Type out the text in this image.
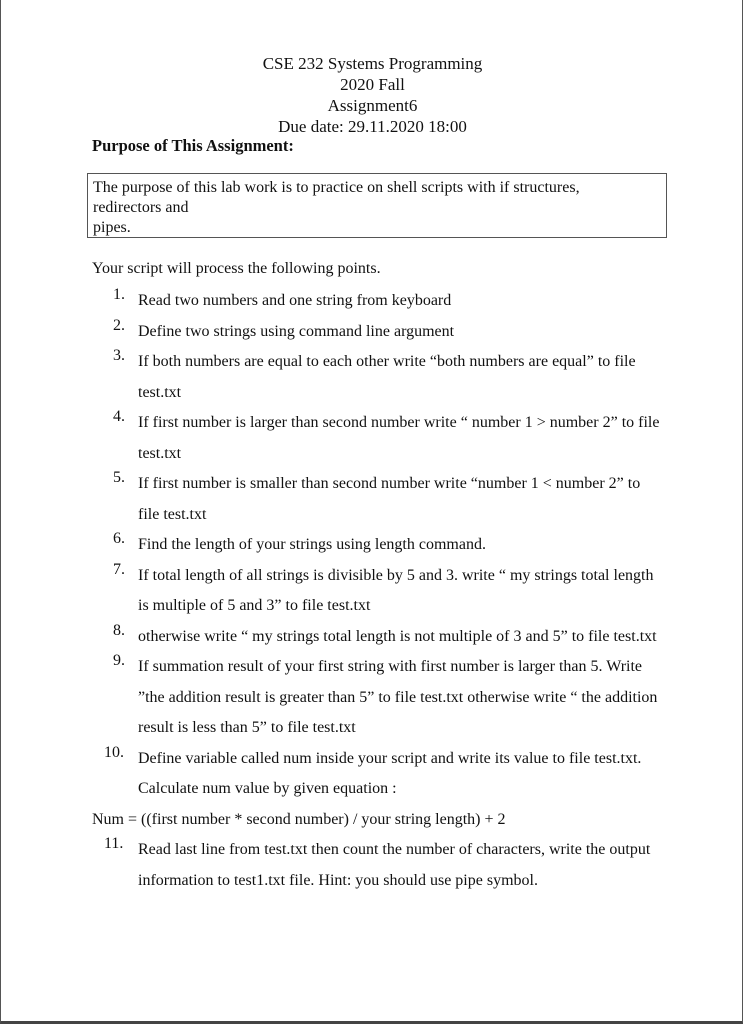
CSE 232 Systems Programming
2020 Fall
Assignment6
Due date: 29.11.2020 18:00
Purpose of This Assignment:
The purpose of this lab work is to practice on shell scripts with if structures,
redirectors and
pipes.
Your script will process the following points.
1. Read two numbers and one string from keyboard
2. Define two strings using command line argument
3. If both numbers are equal to each other write “both numbers are equal” to file test.txt
4. If first number is larger than second number write “ number 1 > number 2” to file test.txt
5. If first number is smaller than second number write “number 1 < number 2” to file test.txt
6. Find the length of your strings using length command.
7. If total length of all strings is divisible by 5 and 3. write “ my strings total length is multiple of 5 and 3” to file test.txt
8. otherwise write “ my strings total length is not multiple of 3 and 5” to file test.txt
9. If summation result of your first string with first number is larger than 5. Write ”the addition result is greater than 5” to file test.txt otherwise write “ the addition result is less than 5” to file test.txt
10. Define variable called num inside your script and write its value to file test.txt. Calculate num value by given equation :
Num = ((first number * second number) / your string length) + 2
11. Read last line from test.txt then count the number of characters, write the output information to test1.txt file. Hint: you should use pipe symbol.
